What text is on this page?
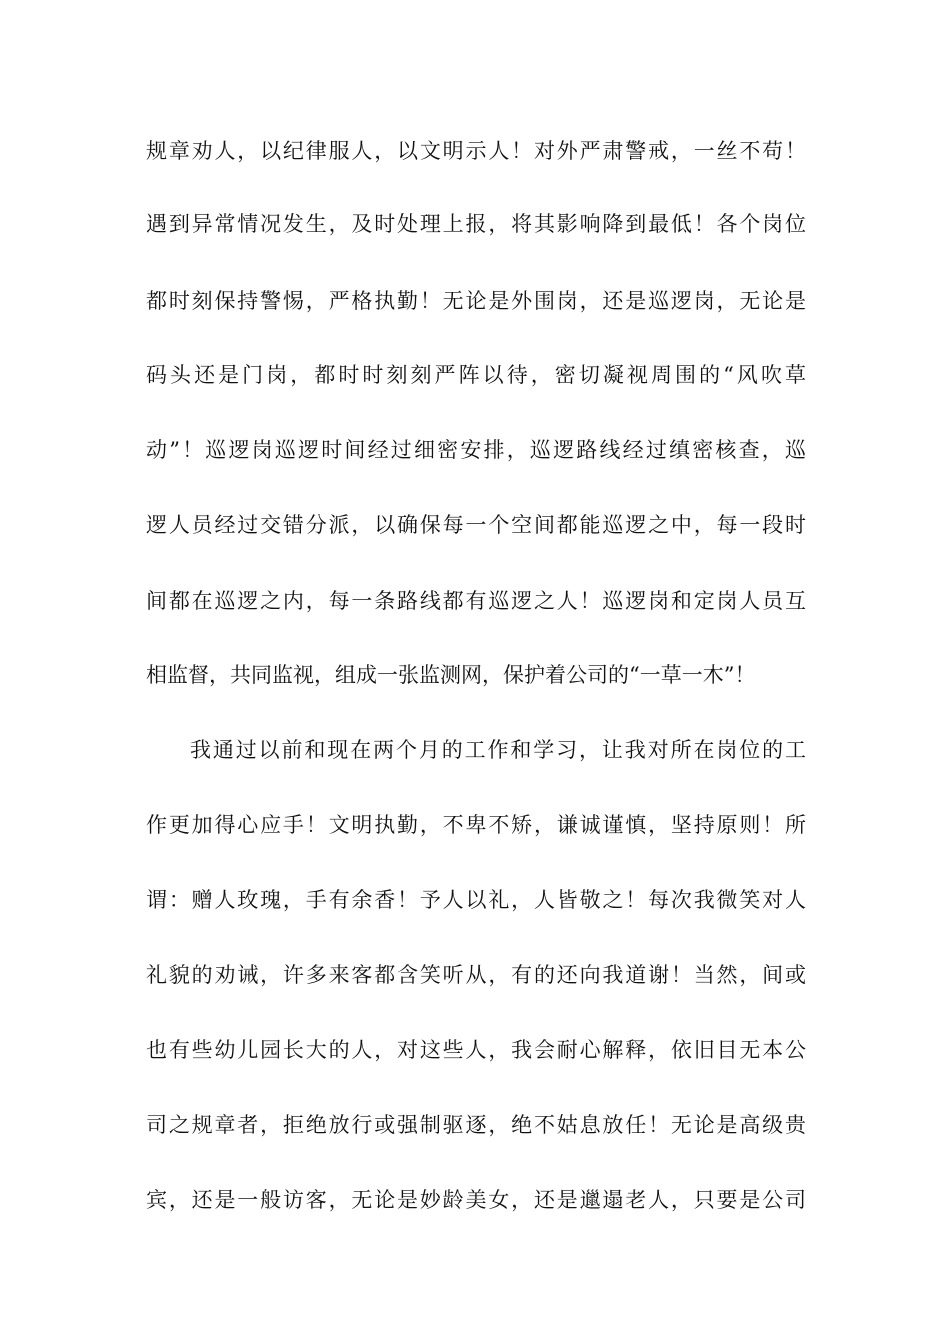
规章劝人，以纪律服人，以文明示人！对外严肃警戒，一丝不苟！
遇到异常情况发生，及时处理上报，将其影响降到最低！各个岗位
都时刻保持警惕，严格执勤！无论是外围岗，还是巡逻岗，无论是
码头还是门岗，都时时刻刻严阵以待，密切凝视周围的“风吹草
动”！巡逻岗巡逻时间经过细密安排，巡逻路线经过缜密核查，巡
逻人员经过交错分派，以确保每一个空间都能巡逻之中，每一段时
间都在巡逻之内，每一条路线都有巡逻之人！巡逻岗和定岗人员互
相监督，共同监视，组成一张监测网，保护着公司的“一草一木”！
我通过以前和现在两个月的工作和学习，让我对所在岗位的工
作更加得心应手！文明执勤，不卑不矫，谦诚谨慎，坚持原则！所
谓：赠人玫瑰，手有余香！予人以礼，人皆敬之！每次我微笑对人
礼貌的劝诫，许多来客都含笑听从，有的还向我道谢！当然，间或
也有些幼儿园长大的人，对这些人，我会耐心解释，依旧目无本公
司之规章者，拒绝放行或强制驱逐，绝不姑息放任！无论是高级贵
宾，还是一般访客，无论是妙龄美女，还是邋遢老人，只要是公司
